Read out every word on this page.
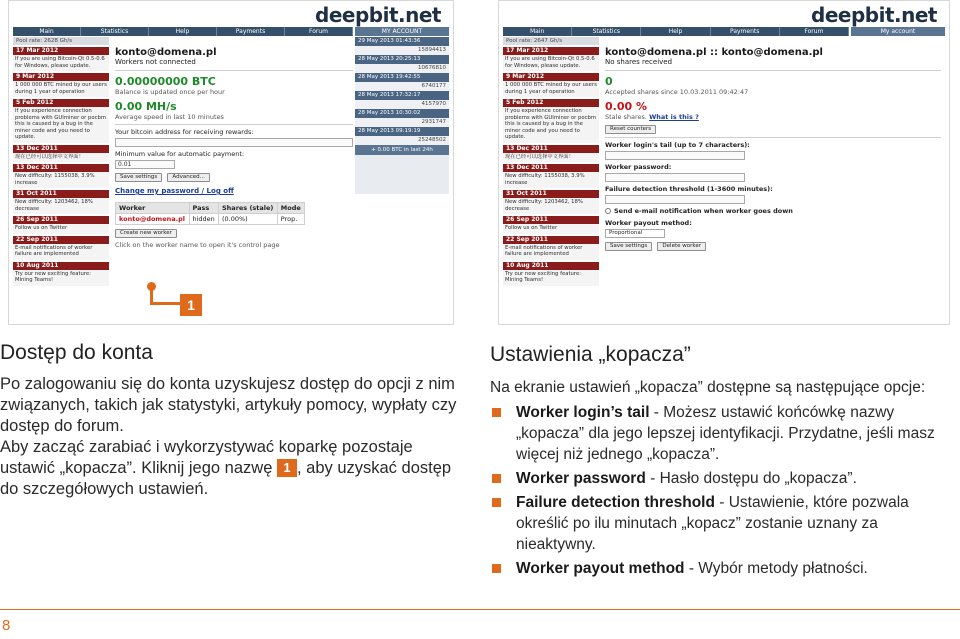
deepbit.net
Main	Statistics	Help	Payments	Forum	MY ACCOUNT
Pool rate: 2628 Gh/s
17 Mar 2012
If you are using Bitcoin-Qt 0.5-0.6 for Windows, please update.
9 Mar 2012
1 000 000 BTC mined by our users during 1 year of operation
5 Feb 2012
If you experience connection problems with GUIminer or pocbm this is caused by a bug in the miner code and you need to update.
13 Dec 2011
现在已经可以选择中文界面！
13 Dec 2011
New difficulty: 1155038, 3.9% increase
31 Oct 2011
New difficulty: 1203462, 18% decrease
26 Sep 2011
Follow us on Twitter
22 Sep 2011
E-mail notifications of worker failure are implemented
10 Aug 2011
Try our new exciting feature: Mining Teams!
29 May 2013 01:43:36
15894413
28 May 2013 20:25:13
10676810
28 May 2013 19:42:55
6740177
28 May 2013 17:32:17
4157970
28 May 2013 10:30:02
2931747
28 May 2013 09:19:19
25248502
+ 0.00 BTC in last 24h
konto@domena.pl
Workers not connected
0.00000000 BTC
Balance is updated once per hour
0.00 MH/s
Average speed in last 10 minutes
Your bitcoin address for receiving rewards:
Minimum value for automatic payment:
0.01
Save settings	Advanced...
Change my password / Log off
Worker	Pass	Shares (stale)	Mode
konto@domena.pl	hidden	(0.00%)	Prop.
Create new worker
Click on the worker name to open it's control page
1
deepbit.net
Main	Statistics	Help	Payments	Forum	My account
Pool rate: 2647 Gh/s
17 Mar 2012
If you are using Bitcoin-Qt 0.5-0.6 for Windows, please update.
9 Mar 2012
1 000 000 BTC mined by our users during 1 year of operation
5 Feb 2012
If you experience connection problems with GUIminer or pocbm this is caused by a bug in the miner code and you need to update.
13 Dec 2011
现在已经可以选择中文界面！
13 Dec 2011
New difficulty: 1155038, 3.9% increase
31 Oct 2011
New difficulty: 1203462, 18% decrease
26 Sep 2011
Follow us on Twitter
22 Sep 2011
E-mail notifications of worker failure are implemented
10 Aug 2011
Try our new exciting feature: Mining Teams!
konto@domena.pl :: konto@domena.pl
No shares received
0
Accepted shares since 10.03.2011 09:42:47
0.00 %
Stale shares. What is this ?
Reset counters
Worker login's tail (up to 7 characters):
Worker password:
Failure detection threshold (1-3600 minutes):
Send e-mail notification when worker goes down
Worker payout method:
Proportional
Save settings	Delete worker
Dostęp do konta

Po zalogowaniu się do konta uzyskujesz dostęp do opcji z nim związanych, takich jak statystyki, artykuły pomocy, wypłaty czy dostęp do forum.

Aby zacząć zarabiać i wykorzystywać koparkę pozostaje ustawić „kopacza”. Kliknij jego nazwę 1 , aby uzyskać dostęp do szczegółowych ustawień.

Ustawienia „kopacza”
Na ekranie ustawień „kopacza” dostępne są następujące opcje:
Worker login’s tail - Możesz ustawić końcówkę nazwy „kopacza” dla jego lepszej identyfikacji. Przydatne, jeśli masz więcej niż jednego „kopacza”.
Worker password - Hasło dostępu do „kopacza”.
Failure detection threshold - Ustawienie, które pozwala określić po ilu minutach „kopacz” zostanie uznany za nieaktywny.
Worker payout method - Wybór metody płatności.
8
